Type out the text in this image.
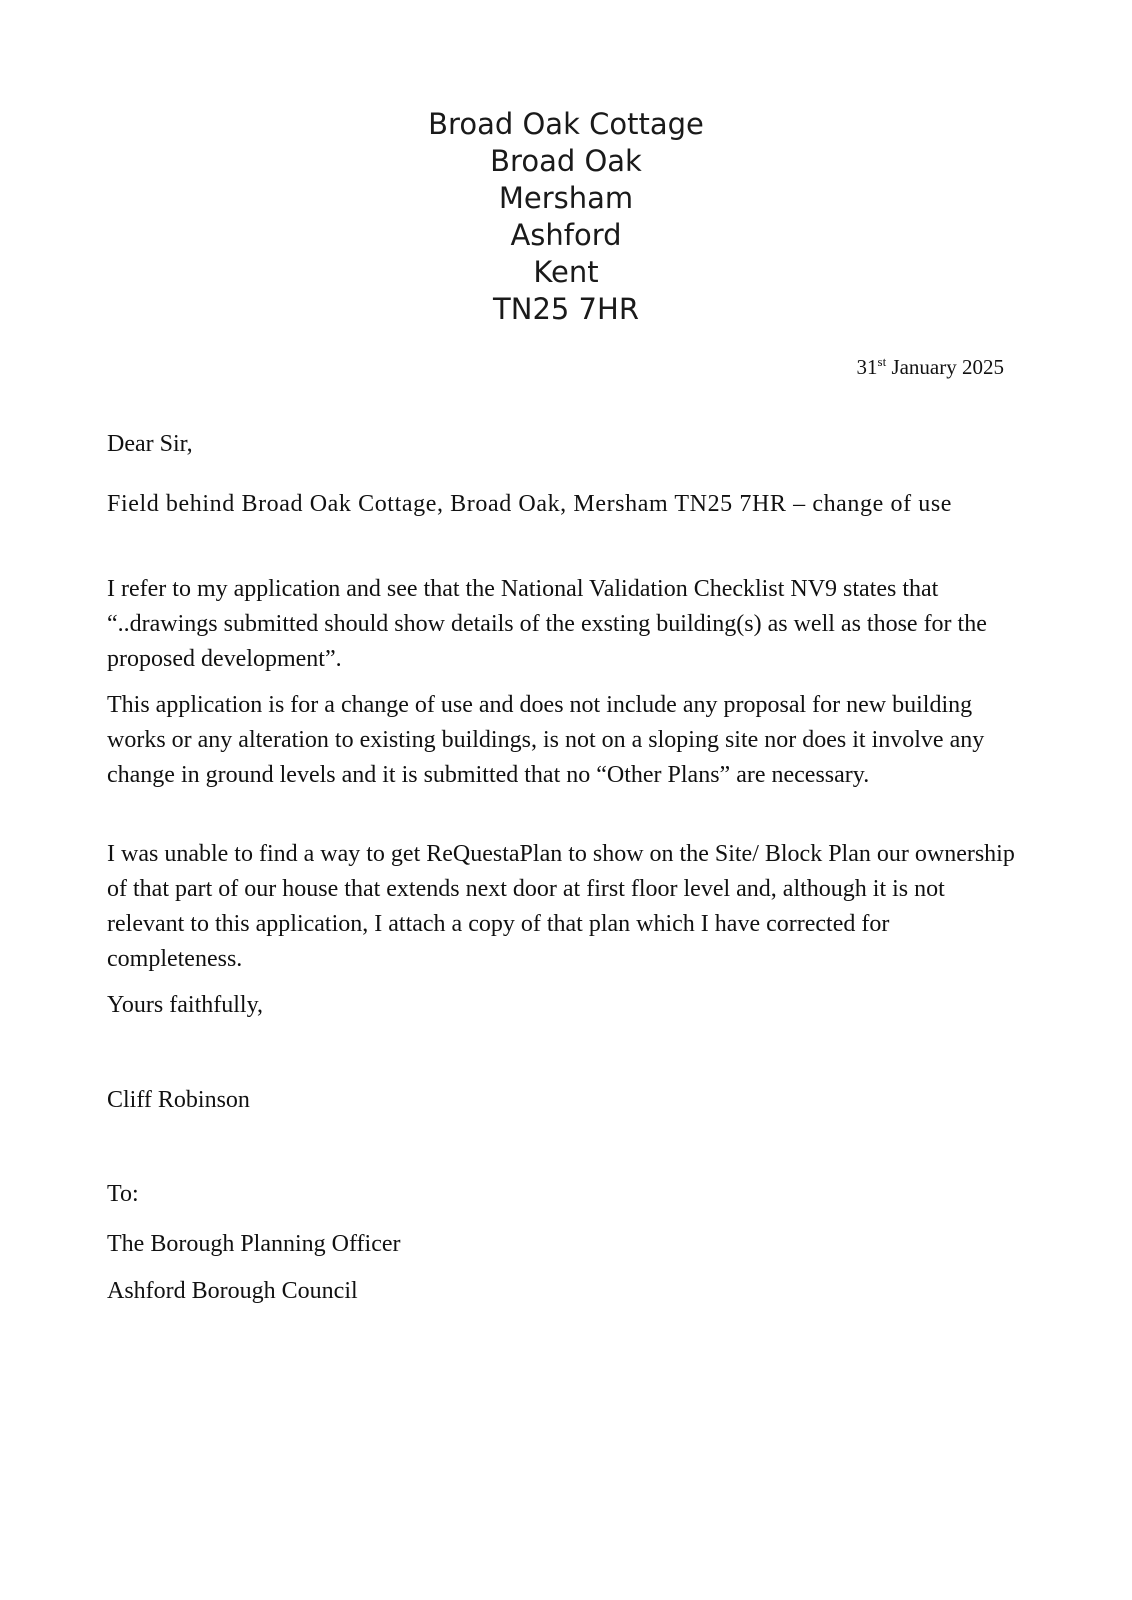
Broad Oak Cottage
Broad Oak
Mersham
Ashford
Kent
TN25 7HR
31st January 2025
Dear Sir,
Field behind Broad Oak Cottage, Broad Oak, Mersham TN25 7HR – change of use

I refer to my application and see that the National Validation Checklist NV9 states that “..drawings submitted should show details of the exsting building(s) as well as those for the proposed development”.

This application is for a change of use and does not include any proposal for new building works or any alteration to existing buildings, is not on a sloping site nor does it involve any change in ground levels and it is submitted that no “Other Plans” are necessary.

I was unable to find a way to get ReQuestaPlan to show on the Site/ Block Plan our ownership of that part of our house that extends next door at first floor level and, although it is not relevant to this application, I attach a copy of that plan which I have corrected for completeness.

Yours faithfully,
Cliff Robinson
To:
The Borough Planning Officer
Ashford Borough Council
